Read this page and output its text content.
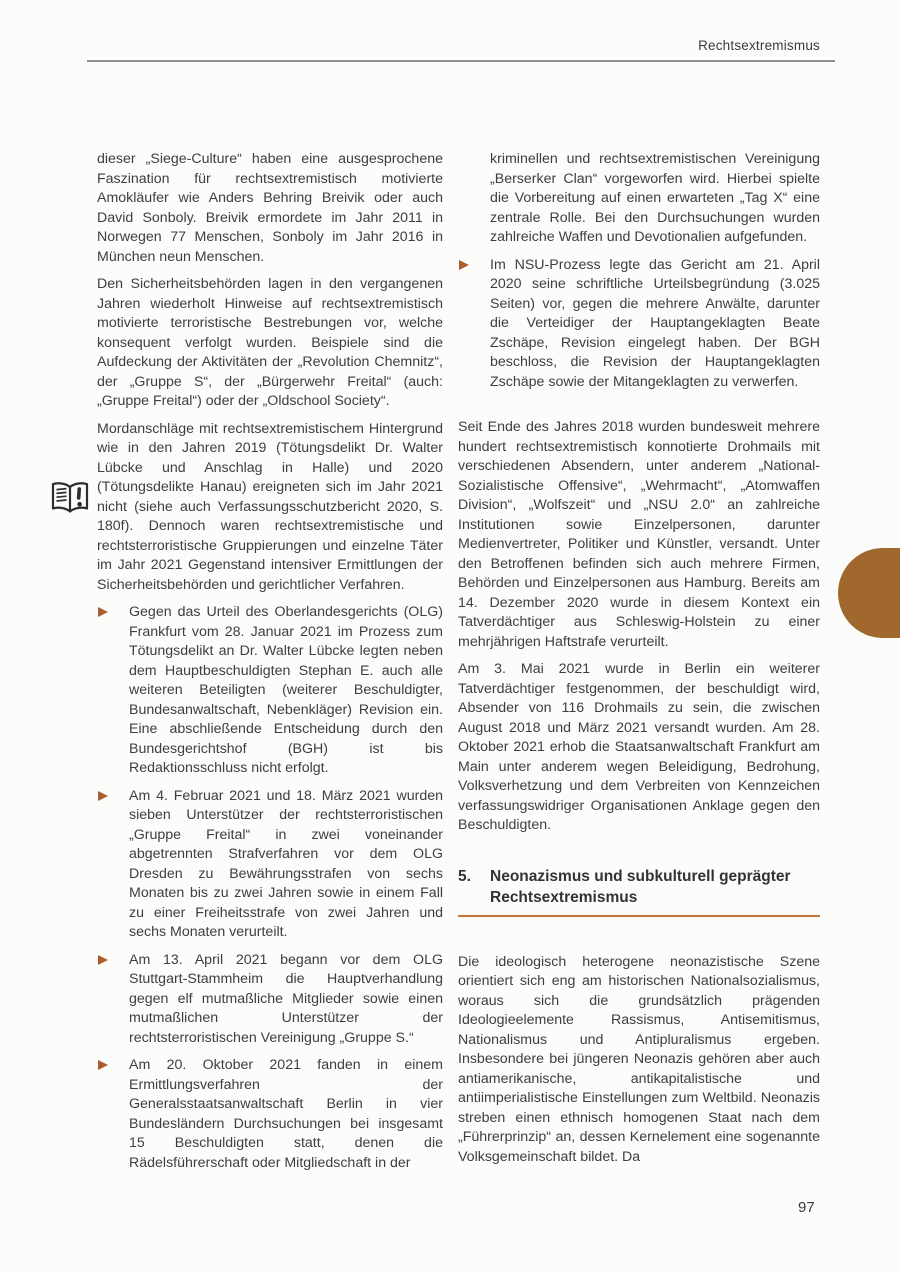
Rechtsextremismus

dieser „Siege-Culture“ haben eine ausgesprochene Faszination für rechtsextremistisch motivierte Amokläufer wie Anders Behring Breivik oder auch David Sonboly. Breivik ermordete im Jahr 2011 in Norwegen 77 Menschen, Sonboly im Jahr 2016 in München neun Menschen.

Den Sicherheitsbehörden lagen in den vergangenen Jahren wiederholt Hinweise auf rechtsextremistisch motivierte terroristische Bestrebungen vor, welche konsequent verfolgt wurden. Beispiele sind die Aufdeckung der Aktivitäten der „Revolution Chemnitz“, der „Gruppe S“, der „Bürgerwehr Freital“ (auch: „Gruppe Freital“) oder der „Oldschool Society“.

Mordanschläge mit rechtsextremistischem Hintergrund wie in den Jahren 2019 (Tötungsdelikt Dr. Walter Lübcke und Anschlag in Halle) und 2020 (Tötungsdelikte Hanau) ereigneten sich im Jahr 2021 nicht (siehe auch Verfassungsschutzbericht 2020, S. 180f). Dennoch waren rechtsextremistische und rechtsterroristische Gruppierungen und einzelne Täter im Jahr 2021 Gegenstand intensiver Ermittlungen der Sicherheitsbehörden und gerichtlicher Verfahren.

Gegen das Urteil des Oberlandesgerichts (OLG) Frankfurt vom 28. Januar 2021 im Prozess zum Tötungsdelikt an Dr. Walter Lübcke legten neben dem Hauptbeschuldigten Stephan E. auch alle weiteren Beteiligten (weiterer Beschuldigter, Bundesanwaltschaft, Nebenkläger) Revision ein. Eine abschließende Entscheidung durch den Bundesgerichtshof (BGH) ist bis Redaktionsschluss nicht erfolgt.
Am 4. Februar 2021 und 18. März 2021 wurden sieben Unterstützer der rechtsterroristischen „Gruppe Freital“ in zwei voneinander abgetrennten Strafverfahren vor dem OLG Dresden zu Bewährungsstrafen von sechs Monaten bis zu zwei Jahren sowie in einem Fall zu einer Freiheitsstrafe von zwei Jahren und sechs Monaten verurteilt.
Am 13. April 2021 begann vor dem OLG Stuttgart-Stammheim die Hauptverhandlung gegen elf mutmaßliche Mitglieder sowie einen mutmaßlichen Unterstützer der rechtsterroristischen Vereinigung „Gruppe S.“
Am 20. Oktober 2021 fanden in einem Ermittlungsverfahren der Generalsstaatsanwaltschaft Berlin in vier Bundesländern Durchsuchungen bei insgesamt 15 Beschuldigten statt, denen die Rädelsführerschaft oder Mitgliedschaft in der
kriminellen und rechtsextremistischen Vereinigung „Berserker Clan“ vorgeworfen wird. Hierbei spielte die Vorbereitung auf einen erwarteten „Tag X“ eine zentrale Rolle. Bei den Durchsuchungen wurden zahlreiche Waffen und Devotionalien aufgefunden.
Im NSU-Prozess legte das Gericht am 21. April 2020 seine schriftliche Urteilsbegründung (3.025 Seiten) vor, gegen die mehrere Anwälte, darunter die Verteidiger der Hauptangeklagten Beate Zschäpe, Revision eingelegt haben. Der BGH beschloss, die Revision der Hauptangeklagten Zschäpe sowie der Mitangeklagten zu verwerfen.

Seit Ende des Jahres 2018 wurden bundesweit mehrere hundert rechtsextremistisch konnotierte Drohmails mit verschiedenen Absendern, unter anderem „National-Sozialistische Offensive“, „Wehrmacht“, „Atomwaffen Division“, „Wolfszeit“ und „NSU 2.0“ an zahlreiche Institutionen sowie Einzelpersonen, darunter Medienvertreter, Politiker und Künstler, versandt. Unter den Betroffenen befinden sich auch mehrere Firmen, Behörden und Einzelpersonen aus Hamburg. Bereits am 14. Dezember 2020 wurde in diesem Kontext ein Tatverdächtiger aus Schleswig-Holstein zu einer mehrjährigen Haftstrafe verurteilt.

Am 3. Mai 2021 wurde in Berlin ein weiterer Tatverdächtiger festgenommen, der beschuldigt wird, Absender von 116 Drohmails zu sein, die zwischen August 2018 und März 2021 versandt wurden. Am 28. Oktober 2021 erhob die Staatsanwaltschaft Frankfurt am Main unter anderem wegen Beleidigung, Bedrohung, Volksverhetzung und dem Verbreiten von Kennzeichen verfassungswidriger Organisationen Anklage gegen den Beschuldigten.

5.	Neonazismus und subkulturell geprägter Rechtsextremismus

Die ideologisch heterogene neonazistische Szene orientiert sich eng am historischen Nationalsozialismus, woraus sich die grundsätzlich prägenden Ideologieelemente Rassismus, Antisemitismus, Nationalismus und Antipluralismus ergeben. Insbesondere bei jüngeren Neonazis gehören aber auch antiamerikanische, antikapitalistische und antiimperialistische Einstellungen zum Weltbild. Neonazis streben einen ethnisch homogenen Staat nach dem „Führerprinzip“ an, dessen Kernelement eine sogenannte Volksgemeinschaft bildet. Da

97
